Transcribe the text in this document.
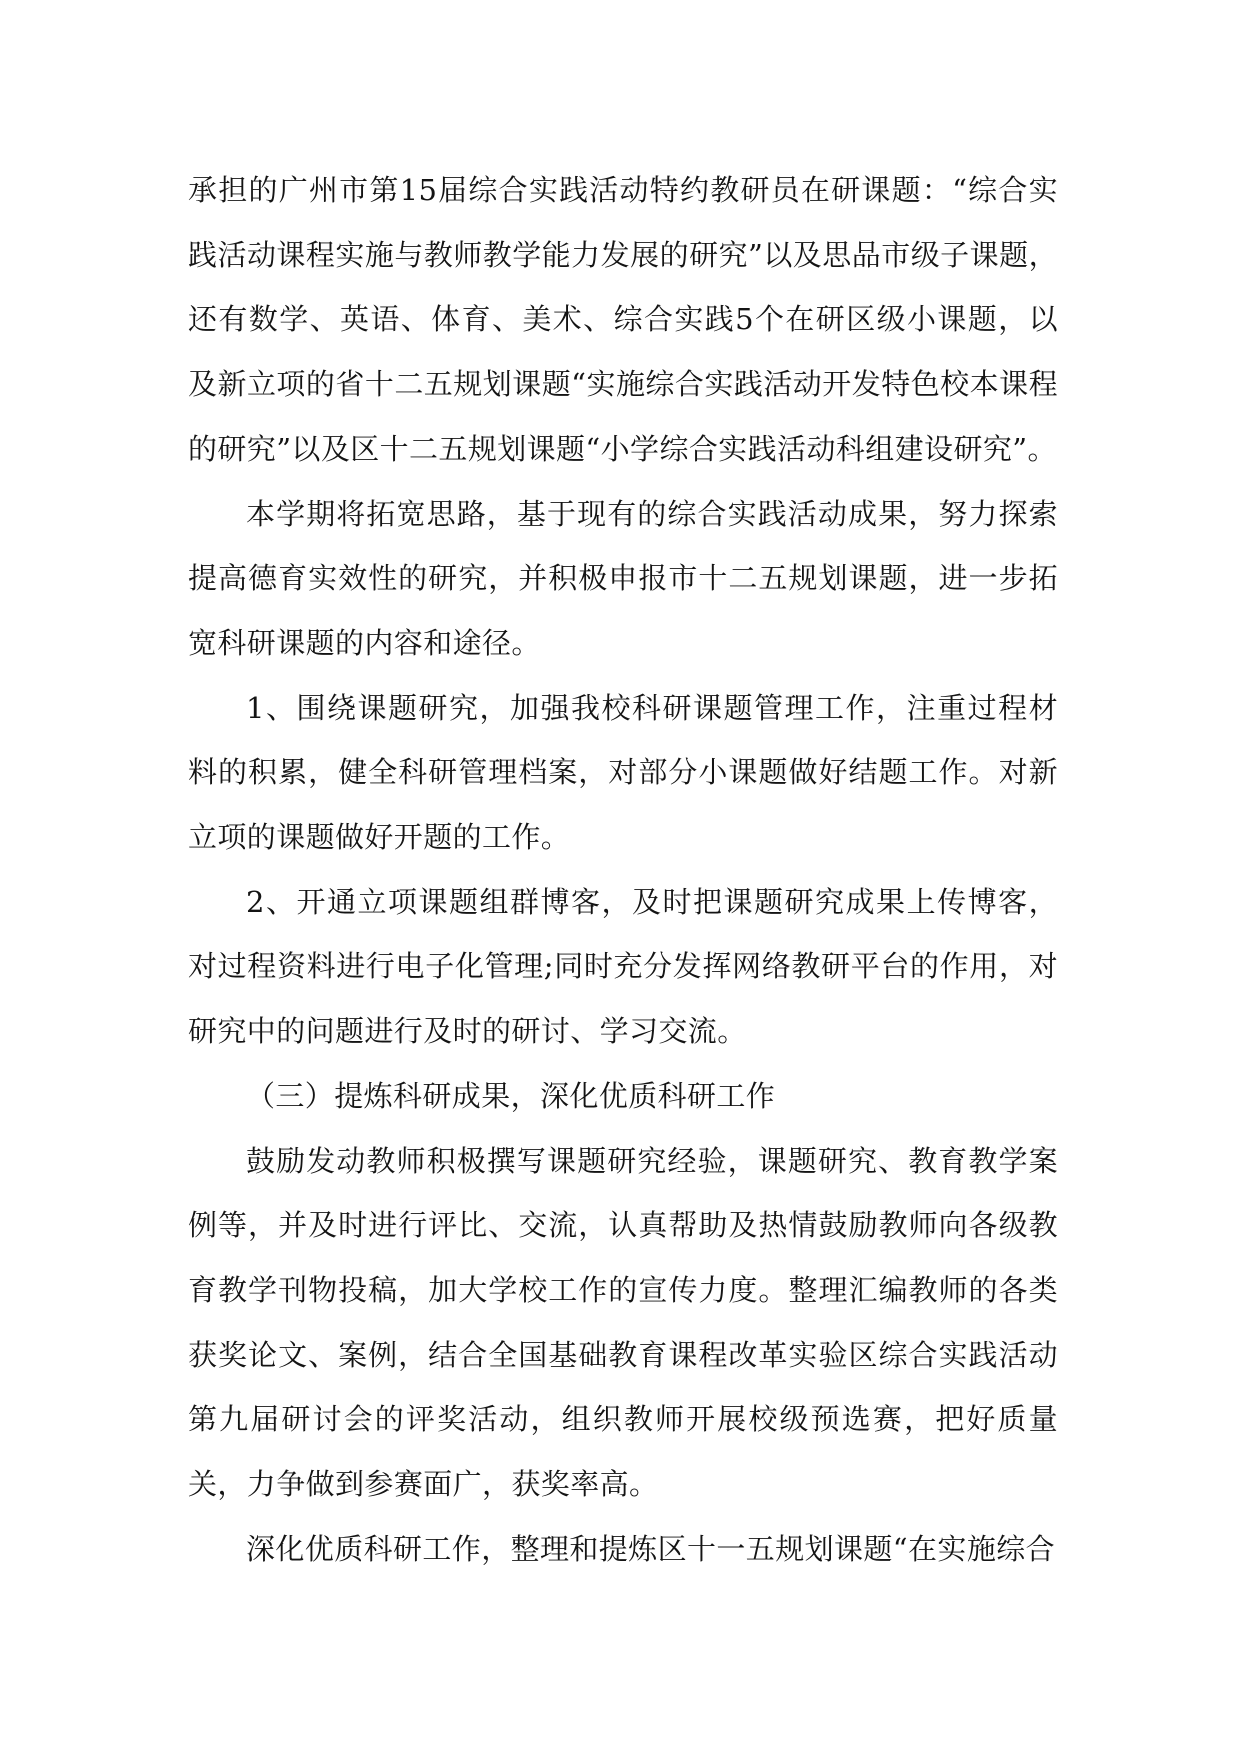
承担的广州市第15届综合实践活动特约教研员在研课题：“综合实践活动课程实施与教师教学能力发展的研究”以及思品市级子课题，还有数学、英语、体育、美术、综合实践5个在研区级小课题，以及新立项的省十二五规划课题“实施综合实践活动开发特色校本课程的研究”以及区十二五规划课题“小学综合实践活动科组建设研究”。

本学期将拓宽思路，基于现有的综合实践活动成果，努力探索提高德育实效性的研究，并积极申报市十二五规划课题，进一步拓宽科研课题的内容和途径。

1、围绕课题研究，加强我校科研课题管理工作，注重过程材料的积累，健全科研管理档案，对部分小课题做好结题工作。对新立项的课题做好开题的工作。

2、开通立项课题组群博客，及时把课题研究成果上传博客，对过程资料进行电子化管理;同时充分发挥网络教研平台的作用，对研究中的问题进行及时的研讨、学习交流。

（三）提炼科研成果，深化优质科研工作

鼓励发动教师积极撰写课题研究经验，课题研究、教育教学案例等，并及时进行评比、交流，认真帮助及热情鼓励教师向各级教育教学刊物投稿，加大学校工作的宣传力度。整理汇编教师的各类获奖论文、案例，结合全国基础教育课程改革实验区综合实践活动第九届研讨会的评奖活动，组织教师开展校级预选赛，把好质量关，力争做到参赛面广，获奖率高。

深化优质科研工作，整理和提炼区十一五规划课题“在实施综合
